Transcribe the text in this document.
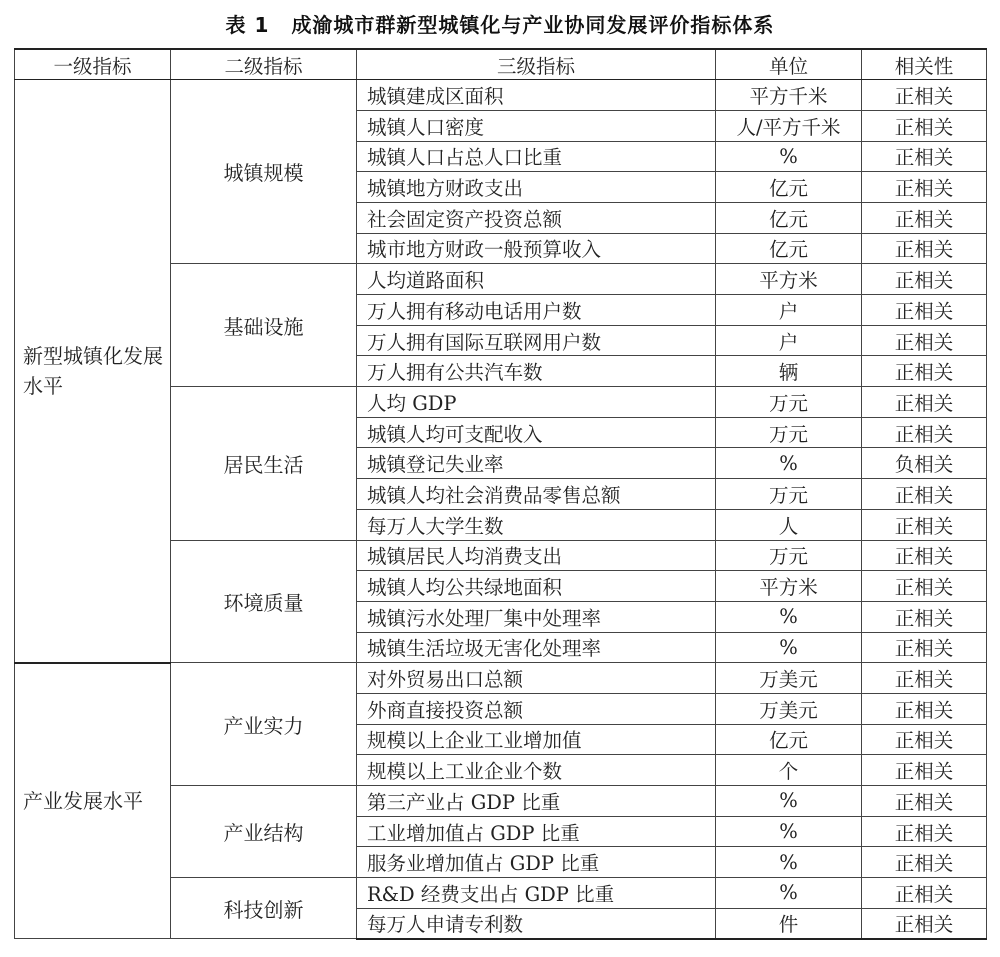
表 1 成渝城市群新型城镇化与产业协同发展评价指标体系
一级指标	二级指标	三级指标	单位	相关性
新型城镇化发展水平	城镇规模	城镇建成区面积	平方千米	正相关
		城镇人口密度	人/平方千米	正相关
		城镇人口占总人口比重	%	正相关
		城镇地方财政支出	亿元	正相关
		社会固定资产投资总额	亿元	正相关
		城市地方财政一般预算收入	亿元	正相关
	基础设施	人均道路面积	平方米	正相关
		万人拥有移动电话用户数	户	正相关
		万人拥有国际互联网用户数	户	正相关
		万人拥有公共汽车数	辆	正相关
	居民生活	人均 GDP	万元	正相关
		城镇人均可支配收入	万元	正相关
		城镇登记失业率	%	负相关
		城镇人均社会消费品零售总额	万元	正相关
		每万人大学生数	人	正相关
	环境质量	城镇居民人均消费支出	万元	正相关
		城镇人均公共绿地面积	平方米	正相关
		城镇污水处理厂集中处理率	%	正相关
		城镇生活垃圾无害化处理率	%	正相关
产业发展水平	产业实力	对外贸易出口总额	万美元	正相关
		外商直接投资总额	万美元	正相关
		规模以上企业工业增加值	亿元	正相关
		规模以上工业企业个数	个	正相关
	产业结构	第三产业占 GDP 比重	%	正相关
		工业增加值占 GDP 比重	%	正相关
		服务业增加值占 GDP 比重	%	正相关
	科技创新	R&D 经费支出占 GDP 比重	%	正相关
		每万人申请专利数	件	正相关
